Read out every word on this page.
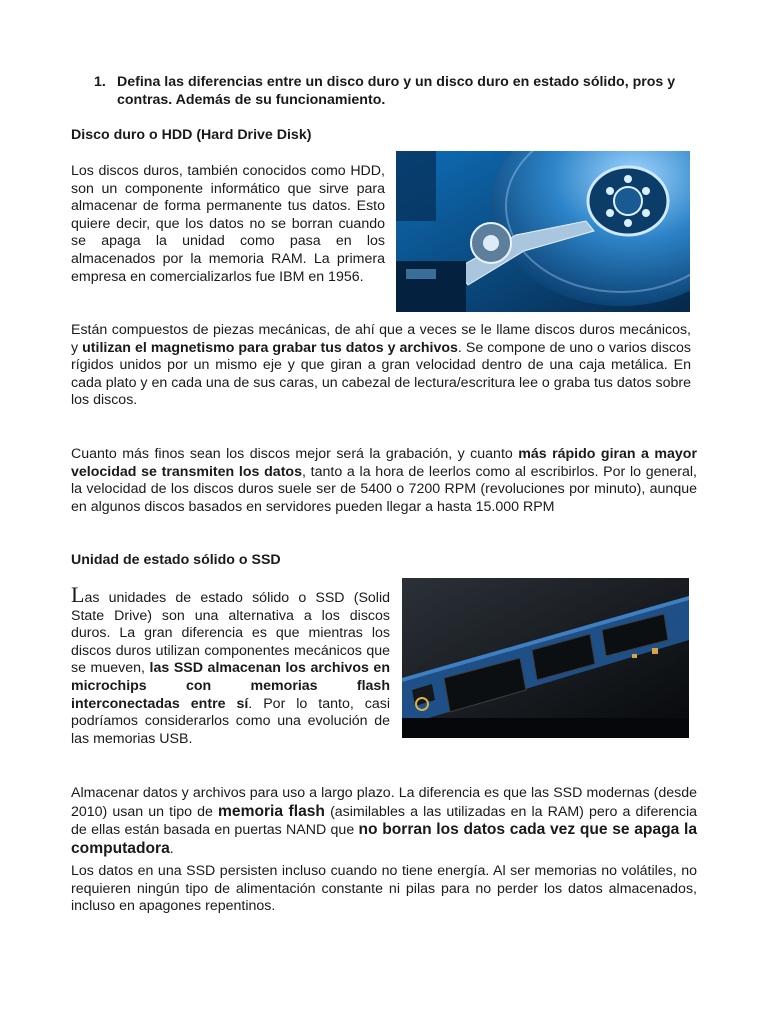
1. Defina las diferencias entre un disco duro y un disco duro en estado sólido, pros y contras. Además de su funcionamiento.
Disco duro o HDD (Hard Drive Disk)
Los discos duros, también conocidos como HDD, son un componente informático que sirve para almacenar de forma permanente tus datos. Esto quiere decir, que los datos no se borran cuando se apaga la unidad como pasa en los almacenados por la memoria RAM. La primera empresa en comercializarlos fue IBM en 1956.
Están compuestos de piezas mecánicas, de ahí que a veces se le llame discos duros mecánicos, y utilizan el magnetismo para grabar tus datos y archivos. Se compone de uno o varios discos rígidos unidos por un mismo eje y que giran a gran velocidad dentro de una caja metálica. En cada plato y en cada una de sus caras, un cabezal de lectura/escritura lee o graba tus datos sobre los discos.
Cuanto más finos sean los discos mejor será la grabación, y cuanto más rápido giran a mayor velocidad se transmiten los datos, tanto a la hora de leerlos como al escribirlos. Por lo general, la velocidad de los discos duros suele ser de 5400 o 7200 RPM (revoluciones por minuto), aunque en algunos discos basados en servidores pueden llegar a hasta 15.000 RPM
Unidad de estado sólido o SSD
Las unidades de estado sólido o SSD (Solid State Drive) son una alternativa a los discos duros. La gran diferencia es que mientras los discos duros utilizan componentes mecánicos que se mueven, las SSD almacenan los archivos en microchips con memorias flash interconectadas entre sí. Por lo tanto, casi podríamos considerarlos como una evolución de las memorias USB.
Almacenar datos y archivos para uso a largo plazo. La diferencia es que las SSD modernas (desde 2010) usan un tipo de memoria flash (asimilables a las utilizadas en la RAM) pero a diferencia de ellas están basada en puertas NAND que no borran los datos cada vez que se apaga la computadora.
Los datos en una SSD persisten incluso cuando no tiene energía. Al ser memorias no volátiles, no requieren ningún tipo de alimentación constante ni pilas para no perder los datos almacenados, incluso en apagones repentinos.
